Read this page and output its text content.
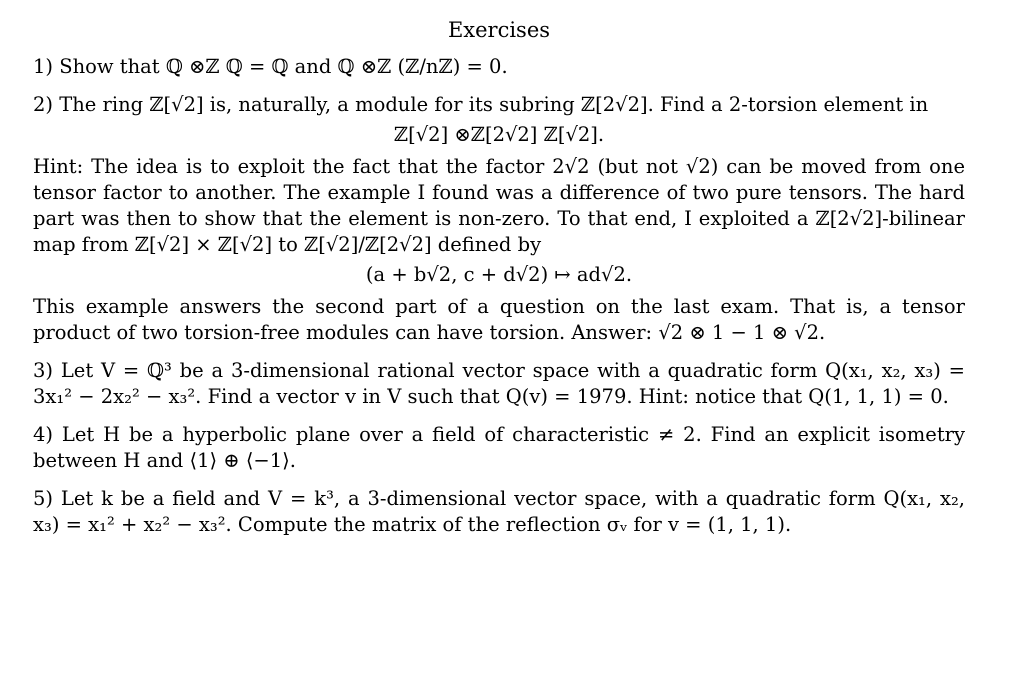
Exercises

1) Show that ℚ ⊗ℤ ℚ = ℚ and ℚ ⊗ℤ (ℤ/nℤ) = 0.

2) The ring ℤ[√2] is, naturally, a module for its subring ℤ[2√2]. Find a 2-torsion element in

ℤ[√2] ⊗ℤ[2√2] ℤ[√2].

Hint: The idea is to exploit the fact that the factor 2√2 (but not √2) can be moved from one tensor factor to another. The example I found was a difference of two pure tensors. The hard part was then to show that the element is non-zero. To that end, I exploited a ℤ[2√2]-bilinear map from ℤ[√2] × ℤ[√2] to ℤ[√2]/ℤ[2√2] defined by

(a + b√2, c + d√2) ↦ ad√2.

This example answers the second part of a question on the last exam. That is, a tensor product of two torsion-free modules can have torsion. Answer: √2 ⊗ 1 − 1 ⊗ √2.

3) Let V = ℚ³ be a 3-dimensional rational vector space with a quadratic form Q(x₁, x₂, x₃) = 3x₁² − 2x₂² − x₃². Find a vector v in V such that Q(v) = 1979. Hint: notice that Q(1, 1, 1) = 0.

4) Let H be a hyperbolic plane over a field of characteristic ≠ 2. Find an explicit isometry between H and ⟨1⟩ ⊕ ⟨−1⟩.

5) Let k be a field and V = k³, a 3-dimensional vector space, with a quadratic form Q(x₁, x₂, x₃) = x₁² + x₂² − x₃². Compute the matrix of the reflection σᵥ for v = (1, 1, 1).
